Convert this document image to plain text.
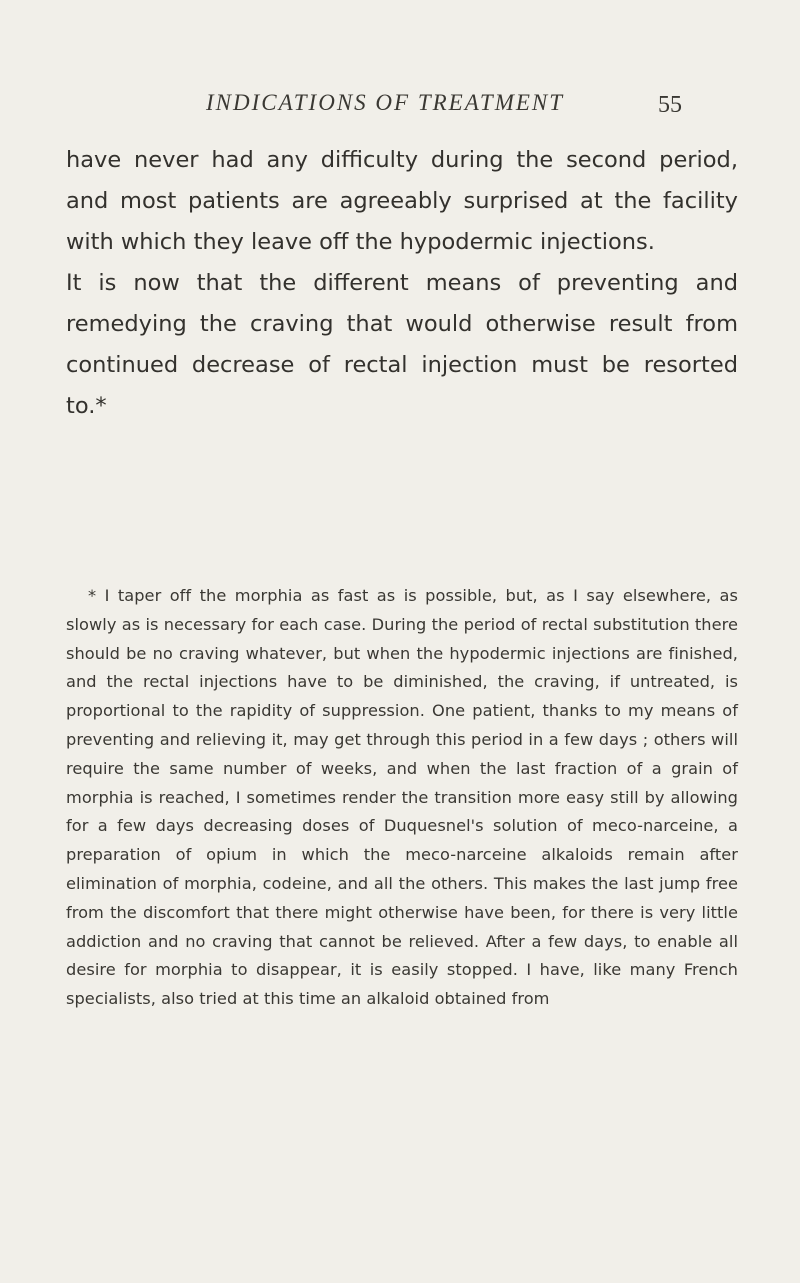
INDICATIONS OF TREATMENT	55

have never had any difficulty during the second period, and most patients are agreeably surprised at the facility with which they leave off the hypodermic injections.

It is now that the different means of preventing and remedying the craving that would otherwise result from continued decrease of rectal injection must be resorted to.*

* I taper off the morphia as fast as is possible, but, as I say elsewhere, as slowly as is necessary for each case. During the period of rectal substitution there should be no craving whatever, but when the hypodermic injections are finished, and the rectal injections have to be diminished, the craving, if untreated, is proportional to the rapidity of suppression. One patient, thanks to my means of preventing and relieving it, may get through this period in a few days ; others will require the same number of weeks, and when the last fraction of a grain of morphia is reached, I sometimes render the transition more easy still by allowing for a few days decreasing doses of Duquesnel's solution of meco-narceine, a preparation of opium in which the meco-narceine alkaloids remain after elimination of morphia, codeine, and all the others. This makes the last jump free from the discomfort that there might otherwise have been, for there is very little addiction and no craving that cannot be relieved. After a few days, to enable all desire for morphia to disappear, it is easily stopped. I have, like many French specialists, also tried at this time an alkaloid obtained from
